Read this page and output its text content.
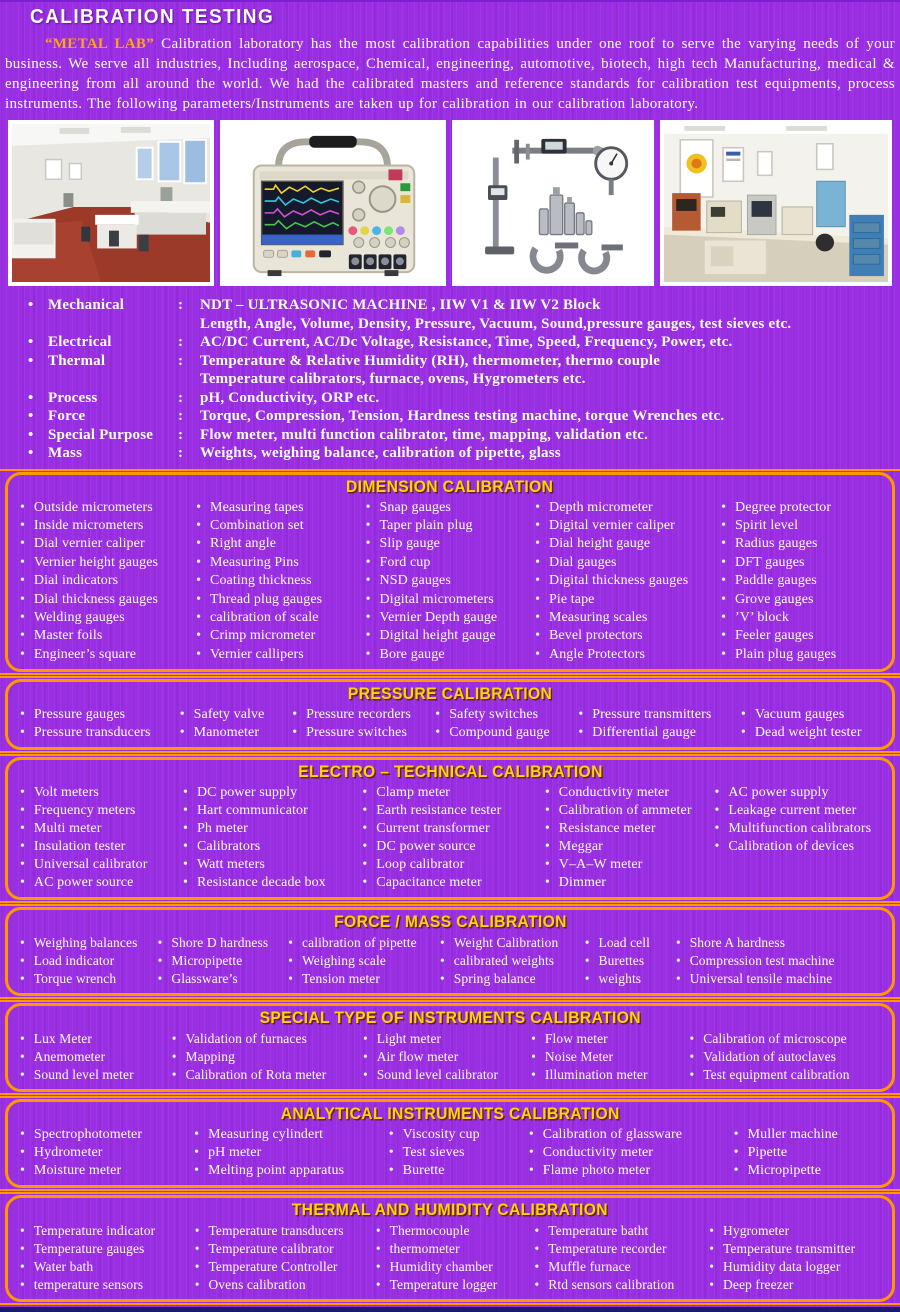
CALIBRATION TESTING

“METAL LAB” Calibration laboratory has the most calibration capabilities under one roof to serve the varying needs of your business. We serve all industries, Including aerospace, Chemical, engineering, automotive, biotech, high tech Manufacturing, medical & engineering from all around the world. We had the calibrated masters and reference standards for calibration test equipments, process instruments. The following parameters/Instruments are taken up for calibration in our calibration laboratory.

• Mechanical	:	NDT – ULTRASONIC MACHINE , IIW V1 & IIW V2 Block
Length, Angle, Volume, Density, Pressure, Vacuum, Sound,pressure gauges, test sieves etc.
• Electrical	:	AC/DC Current, AC/Dc Voltage, Resistance, Time, Speed, Frequency, Power, etc.
• Thermal	:	Temperature & Relative Humidity (RH), thermometer, thermo couple
Temperature calibrators, furnace, ovens, Hygrometers etc.
• Process	:	pH, Conductivity, ORP etc.
• Force	:	Torque, Compression, Tension, Hardness testing machine, torque Wrenches etc.
• Special Purpose	:	Flow meter, multi function calibrator, time, mapping, validation etc.
• Mass	:	Weights, weighing balance, calibration of pipette, glass
DIMENSION CALIBRATION
• Outside micrometers
• Inside micrometers
• Dial vernier caliper
• Vernier height gauges
• Dial indicators
• Dial thickness gauges
• Welding gauges
• Master foils
• Engineer’s square
• Measuring tapes
• Combination set
• Right angle
• Measuring Pins
• Coating thickness
• Thread plug gauges
• calibration of scale
• Crimp micrometer
• Vernier callipers
• Snap gauges
• Taper plain plug
• Slip gauge
• Ford cup
• NSD gauges
• Digital micrometers
• Vernier Depth gauge
• Digital height gauge
• Bore gauge
• Depth micrometer
• Digital vernier caliper
• Dial height gauge
• Dial gauges
• Digital thickness gauges
• Pie tape
• Measuring scales
• Bevel protectors
• Angle Protectors
• Degree protector
• Spirit level
• Radius gauges
• DFT gauges
• Paddle gauges
• Grove gauges
• ’V’ block
• Feeler gauges
• Plain plug gauges
PRESSURE CALIBRATION
• Pressure gauges
• Pressure transducers
• Safety valve
• Manometer
• Pressure recorders
• Pressure switches
• Safety switches
• Compound gauge
• Pressure transmitters
• Differential gauge
• Vacuum gauges
• Dead weight tester
ELECTRO – TECHNICAL CALIBRATION
• Volt meters
• Frequency meters
• Multi meter
• Insulation tester
• Universal calibrator
• AC power source
• DC power supply
• Hart communicator
• Ph meter
• Calibrators
• Watt meters
• Resistance decade box
• Clamp meter
• Earth resistance tester
• Current transformer
• DC power source
• Loop calibrator
• Capacitance meter
• Conductivity meter
• Calibration of ammeter
• Resistance meter
• Meggar
• V–A–W meter
• Dimmer
• AC power supply
• Leakage current meter
• Multifunction calibrators
• Calibration of devices
FORCE / MASS CALIBRATION
• Weighing balances
• Load indicator
• Torque wrench
• Shore D hardness
• Micropipette
• Glassware’s
• calibration of pipette
• Weighing scale
• Tension meter
• Weight Calibration
• calibrated weights
• Spring balance
• Load cell
• Burettes
• weights
• Shore A hardness
• Compression test machine
• Universal tensile machine
SPECIAL TYPE OF INSTRUMENTS CALIBRATION
• Lux Meter
• Anemometer
• Sound level meter
• Validation of furnaces
• Mapping
• Calibration of Rota meter
• Light meter
• Air flow meter
• Sound level calibrator
• Flow meter
• Noise Meter
• Illumination meter
• Calibration of microscope
• Validation of autoclaves
• Test equipment calibration
ANALYTICAL INSTRUMENTS CALIBRATION
• Spectrophotometer
• Hydrometer
• Moisture meter
• Measuring cylindert
• pH meter
• Melting point apparatus
• Viscosity cup
• Test sieves
• Burette
• Calibration of glassware
• Conductivity meter
• Flame photo meter
• Muller machine
• Pipette
• Micropipette
THERMAL AND HUMIDITY CALIBRATION
• Temperature indicator
• Temperature gauges
• Water bath
• temperature sensors
• Temperature transducers
• Temperature calibrator
• Temperature Controller
• Ovens calibration
• Thermocouple
• thermometer
• Humidity chamber
• Temperature logger
• Temperature batht
• Temperature recorder
• Muffle furnace
• Rtd sensors calibration
• Hygrometer
• Temperature transmitter
• Humidity data logger
• Deep freezer
